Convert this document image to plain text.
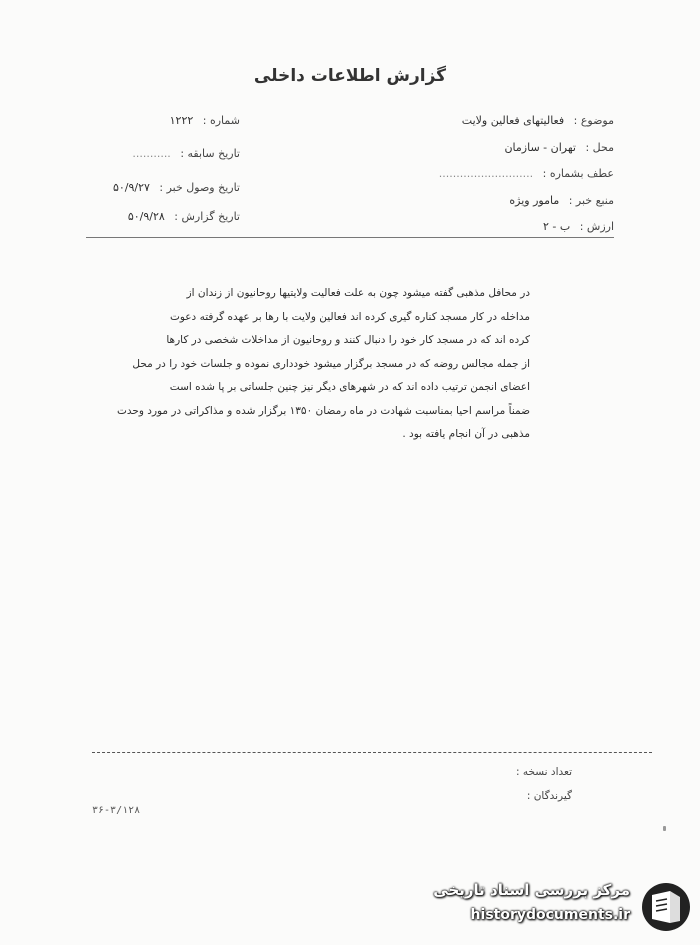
گزارش اطلاعات داخلی
موضوع : فعالیتهای فعالین ولایت
محل : تهران - سازمان
عطف بشماره : ...........................
منبع خبر : مامور ویژه
ارزش : ب - ۲
شماره : ۱۲۲۲
تاریخ سابقه : ...........
تاریخ وصول خبر : ۵۰/۹/۲۷
تاریخ گزارش : ۵۰/۹/۲۸

در محافل مذهبی گفته میشود چون به علت فعالیت ولایتیها روحانیون از زندان از

مداخله در کار مسجد کناره گیری کرده اند فعالین ولایت با رها بر عهده گرفته دعوت

کرده اند که در مسجد کار خود را دنبال کنند و روحانیون از مداخلات شخصی در کارها

از جمله مجالس روضه که در مسجد برگزار میشود خودداری نموده و جلسات خود را در محل

اعضای انجمن ترتیب داده اند که در شهرهای دیگر نیز چنین جلساتی بر پا شده است

ضمناً مراسم احیا بمناسبت شهادت در ماه رمضان ۱۳۵۰ برگزار شده و مذاکراتی در مورد وحدت

مذهبی در آن انجام یافته بود .

تعداد نسخه :
گیرندگان :
۳۶-۳/۱۲۸
مرکز بررسی اسناد تاریخی
historydocuments.ir
